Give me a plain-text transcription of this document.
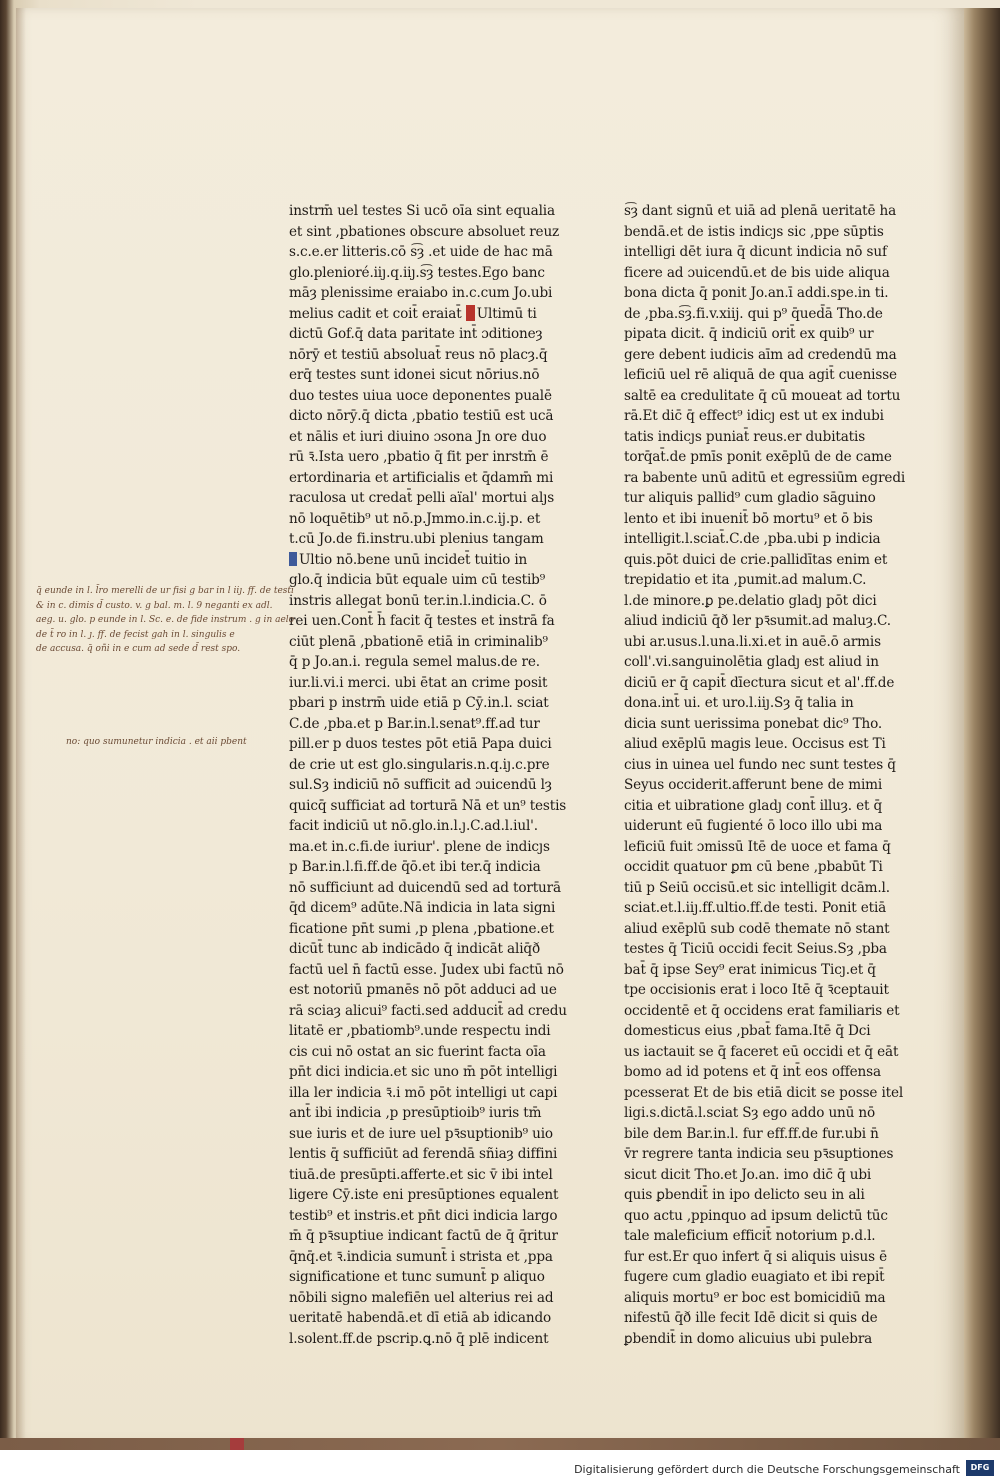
instrm̄ uel testes Si ucō oīa sint equalia
et sint ,pbationes obscure absoluet reuz
s.c.e.er litteris.cō s͡ȝ .et uide de hac mā
glo.plenioré.iiȷ.q.iiȷ.s͡ȝ testes.Ego banc
māȝ plenissime eraiabo in.c.cum Jo.ubi
melius cadit et coit̄ eraiat̄ Ultimū ti
dictū Gof.q̄ data paritate int̄ ɔditioneȝ
nōrȳ et testiū absoluat̄ reus nō placȝ.q̄
erq̄ testes sunt idonei sicut nōrius.nō
duo testes uiua uoce deponentes pualē
dicto nōrȳ.q̄ dicta ,pbatio testiū est ucā
et nālis et iuri diuino ɔsona Jn ore duo
rū ꝛ̄.Ista uero ,pbatio q̄ fit per inrstm̄ ē
ertordinaria et artificialis et q̄damm̄ mi
raculosa ut credat̄ pelli aïal' mortui alȷs
nō loquētib⁹ ut nō.p.Jmmo.in.c.ij.p. et
t.cū Jo.de fi.instru.ubi plenius tangam
Ultio nō.bene unū incidet̄ tuitio in
glo.q̄ indicia būt equale uim cū testib⁹
instris allegat bonū ter.in.l.indicia.C. ō
rei uen.Cont̄ h̄ facit q̄ testes et instrā fa
ciūt plenā ,pbationē etiā in criminalib⁹
q̄ p Jo.an.i. regula semel malus.de re.
iur.li.vi.i merci. ubi ētat an crime posit
pbari p instrm̄ uide etiā p Cȳ.in.l. sciat
C.de ,pba.et p Bar.in.l.senat⁹.ff.ad tur
pill.er p duos testes pōt etiā Papa duici
de crie ut est glo.singularis.n.q.iȷ.c.pre
sul.Sȝ indiciū nō sufficit ad ɔuicendū lȝ
quicq̄ sufficiat ad torturā Nā et un⁹ testis
facit indiciū ut nō.glo.in.l.ȷ.C.ad.l.iul'.
ma.et in.c.fi.de iuriur'. plene de indicȷs
p Bar.in.l.fi.ff.de q̄ō.et ibi ter.q̄ indicia
nō sufficiunt ad duicendū sed ad torturā
q̄d dicem⁹ adūte.Nā indicia in lata signi
ficatione pn̄t sumi ,p plena ,pbatione.et
dicūt̄ tunc ab indicādo q̄ indicāt aliq̄ð
factū uel n̄ factū esse. Judex ubi factū nō
est notoriū pmanēs nō pōt adduci ad ue
rā sciaȝ alicui⁹ facti.sed adducit̄ ad credu
litatē er ,pbatiomb⁹.unde respectu indi
cis cui nō ostat an sic fuerint facta oīa
pn̄t dici indicia.et sic uno m̄ pōt intelligi
illa ler indicia ꝛ̄.i mō pōt intelligi ut capi
ant̄ ibi indicia ,p presūptioib⁹ iuris tm̄
sue iuris et de iure uel pꝛ̄suptionib⁹ uio
lentis q̄ sufficiūt ad ferendā sñiaȝ diffini
tiuā.de presūpti.afferte.et sic v̄ ibi intel
ligere Cȳ.iste eni presūptiones equalent
testib⁹ et instris.et pn̄t dici indicia largo
m̄ q̄ pꝛ̄suptiue indicant factū de q̄ q̄ritur
q̄nq̄.et ꝛ̄.indicia sumunt̄ i strista et ,ppa
significatione et tunc sumunt̄ p aliquo
nōbili signo malefiēn uel alterius rei ad
ueritatē habendā.et dī etiā ab idicando
l.solent.ff.de pscrip.ꝗ.nō q̄ plē indicent
s͡ȝ dant signū et uiā ad plenā ueritatē ha
bendā.et de istis indicȷs sic ,ppe sūptis
intelligi dēt iura q̄ dicunt indicia nō suf
ficere ad ɔuicendū.et de bis uide aliqua
bona dicta q̄ ponit Jo.an.ī addi.spe.in ti.
de ,pba.s͡ȝ.fi.v.xiij. qui p⁹ q̄ued̄ā Tho.de
pipata dicit. q̄ indiciū orit̄ ex quib⁹ ur
gere debent iudicis aīm ad credendū ma
leficiū uel rē aliquā de qua agit̄ cuenisse
saltē ea credulitate q̄ cū moueat ad tortu
rā.Et dic̄ q̄ effect⁹ idicȷ est ut ex indubi
tatis indicȷs puniat̄ reus.er dubitatis
torq̄at̄.de pmīs ponit exēplū de de came
ra babente unū aditū et egressiūm egredi
tur aliquis pallid⁹ cum gladio sāguino
lento et ibi inuenit̄ bō mortu⁹ et ō bis
intelligit.l.sciat̄.C.de ,pba.ubi p indicia
quis.pōt duici de crie.pallidītas enim et
trepidatio et ita ,pumit.ad malum.C.
l.de minore.ꝑ pe.delatio gladȷ pōt dici
aliud indiciū q̄ð ler pꝛ̄sumit.ad maluȝ.C.
ubi ar.usus.l.una.li.xi.et in auē.ō armis
coll'.vi.sanguinolētia gladȷ est aliud in
diciū er q̄ capit̄ dīectura sicut et al'.ff.de
dona.int̄ ui. et uro.l.iiȷ.Sȝ q̄ talia in
dicia sunt uerissima ponebat dic⁹ Tho.
aliud exēplū magis leue. Occisus est Ti
cius in uinea uel fundo nec sunt testes q̄
Seyus occiderit.afferunt bene de mimi
citia et uibratione gladȷ cont̄ illuȝ. et q̄
uiderunt eū fugienté ō loco illo ubi ma
leficiū fuit ɔmissū Itē de uoce et fama q̄
occidit quatuor ꝑm cū bene ,pbabūt Ti
tiū p Seiū occisū.et sic intelligit dcām.l.
sciat.et.l.iiȷ.ff.ultio.ff.de testi. Ponit etiā
aliud exēplū sub codē themate nō stant
testes q̄ Ticiū occidi fecit Seius.Sȝ ,pba
bat̄ q̄ ipse Sey⁹ erat inimicus Ticȷ.et q̄
tpe occisionis erat i loco Itē q̄ ꝛ̄ceptauit
occidentē et q̄ occidens erat familiaris et
domesticus eius ,pbat̄ fama.Itē q̄ Dci
us iactauit se q̄ faceret eū occidi et q̄ eāt
bomo ad id potens et q̄ int̄ eos offensa
pcesserat Et de bis etiā dicit se posse itel
ligi.s.dictā.l.sciat Sȝ ego addo unū nō
bile dem Bar.in.l. fur eff.ff.de fur.ubi n̄
v̄r regrere tanta indicia seu pꝛ̄suptiones
sicut dicit Tho.et Jo.an. imo dic̄ q̄ ubi
quis ꝑbendit̄ in ipo delicto seu in ali
quo actu ,ppinquo ad ipsum delictū tūc
tale maleficium efficit̄ notorium p.d.l.
fur est.Er quo infert q̄ si aliquis uisus ē
fugere cum gladio euagiato et ibi repit̄
aliquis mortu⁹ er boc est bomicidiū ma
nifestū q̄ð ille fecit Idē dicit si quis de
ꝑbendit̄ in domo alicuius ubi pulebra
q̄ eunde in l. l̄ro merelli de ur fisi g bar in l iiȷ. ff. de testi
& in c. dimis d̄ custo. v. g bal. m. l. 9 neganti ex adl.
aeg. u. glo. p eunde in l. Sc. e. de fide instrum . g in aelo
de t̄ ro in l. ȷ. ff. de fecist gah in l. singulis e
de accusa. q̄ oñi in e cum ad sede d̄ rest spo.
no: quo sumunetur indicia . et aii pbent
Digitalisierung gefördert durch die Deutsche Forschungsgemeinschaft	DFG
